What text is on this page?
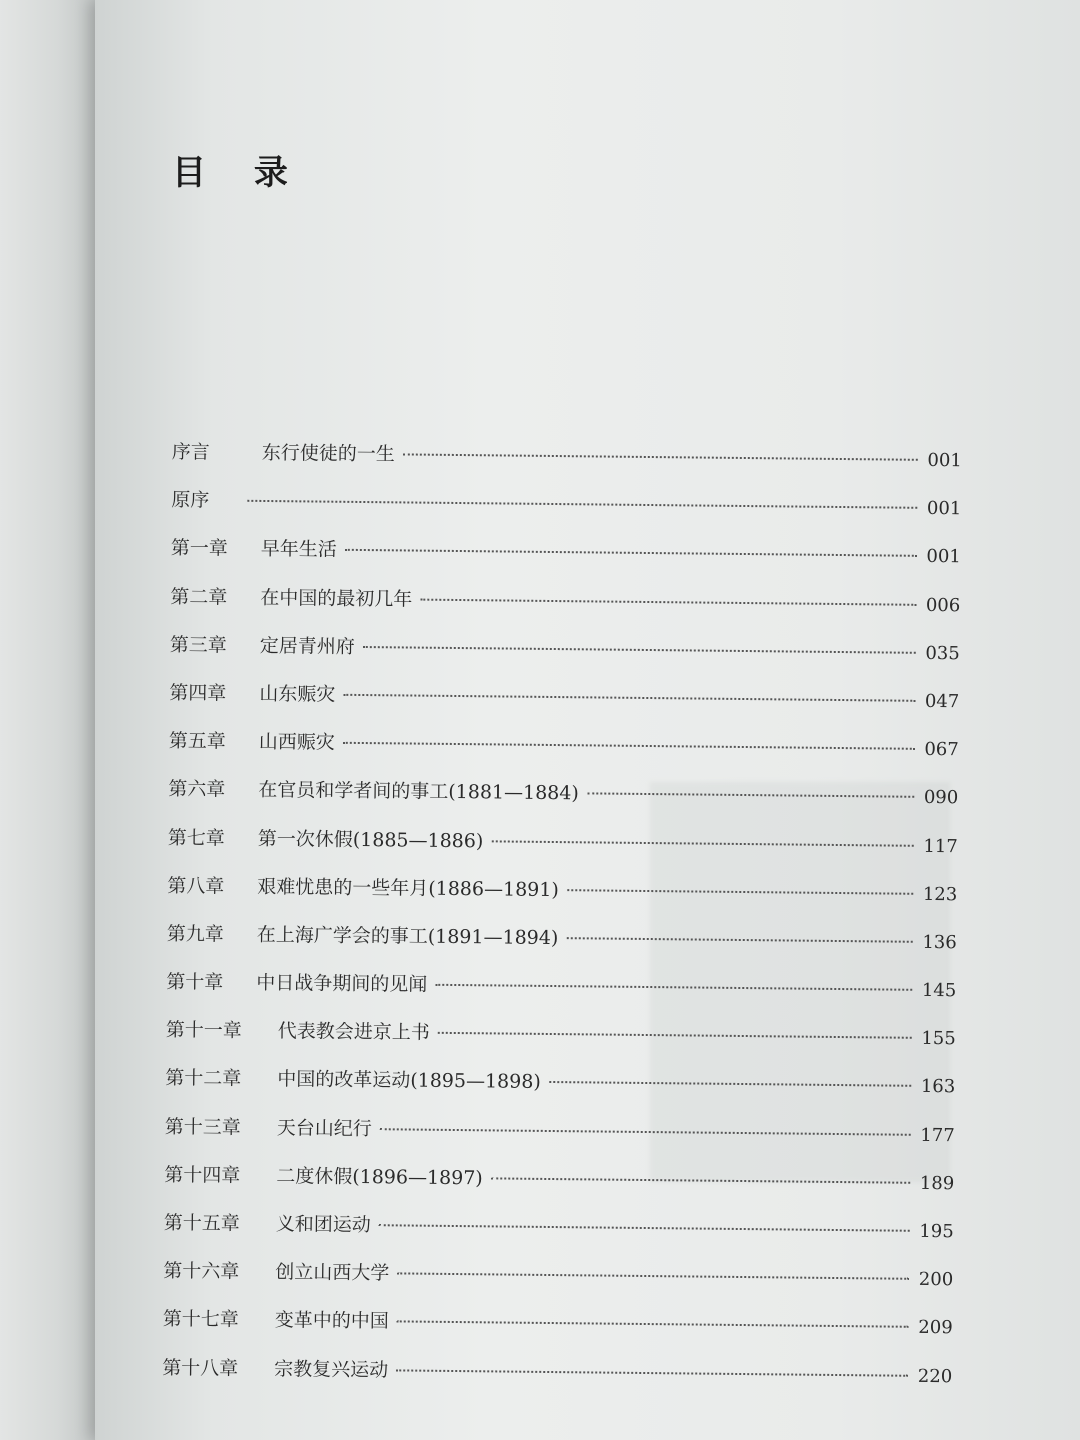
目 录
序言	东行使徒的一生	001
原序	001
第一章	早年生活	001
第二章	在中国的最初几年	006
第三章	定居青州府	035
第四章	山东赈灾	047
第五章	山西赈灾	067
第六章	在官员和学者间的事工(1881—1884)	090
第七章	第一次休假(1885—1886)	117
第八章	艰难忧患的一些年月(1886—1891)	123
第九章	在上海广学会的事工(1891—1894)	136
第十章	中日战争期间的见闻	145
第十一章	代表教会进京上书	155
第十二章	中国的改革运动(1895—1898)	163
第十三章	天台山纪行	177
第十四章	二度休假(1896—1897)	189
第十五章	义和团运动	195
第十六章	创立山西大学	200
第十七章	变革中的中国	209
第十八章	宗教复兴运动	220
